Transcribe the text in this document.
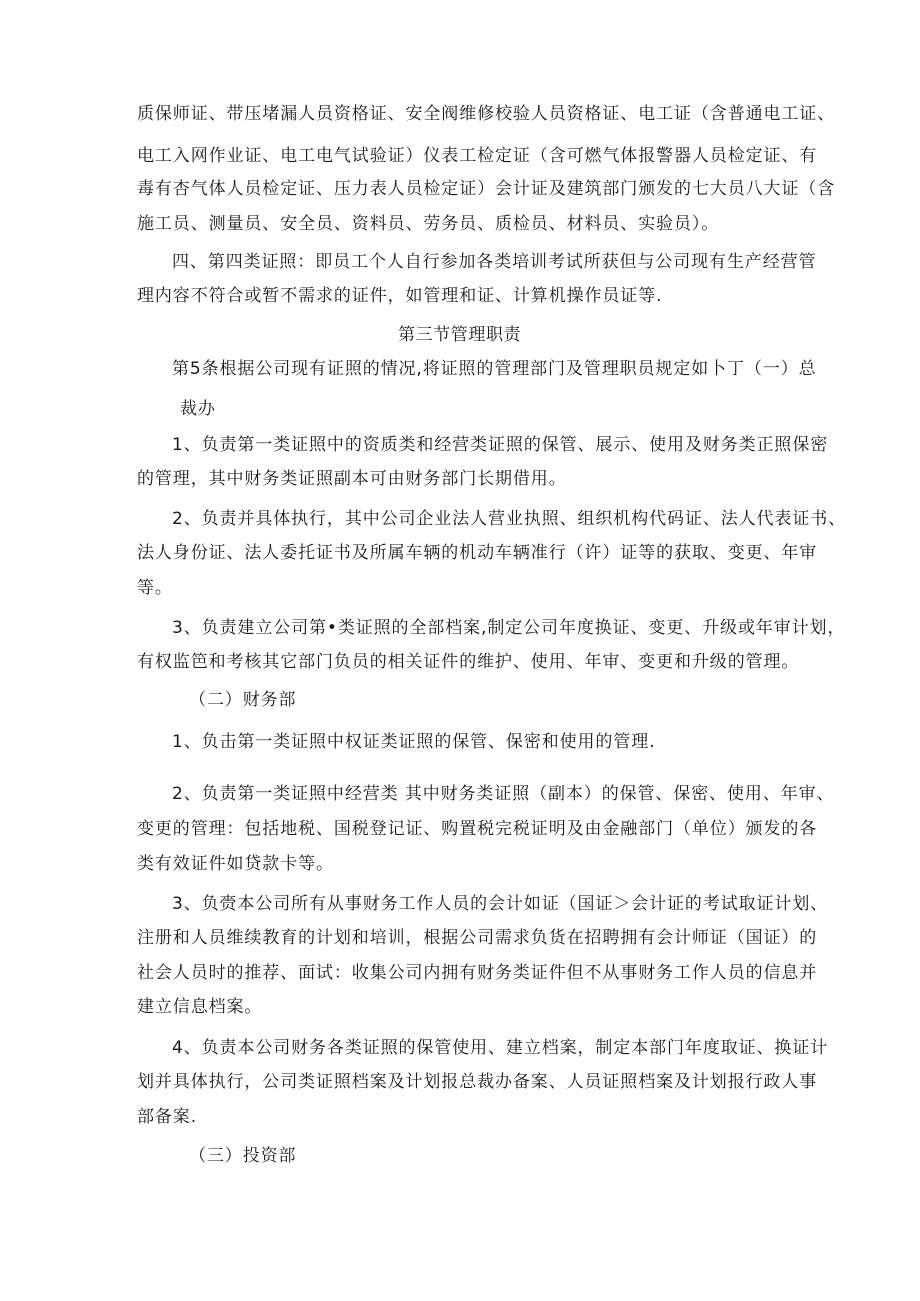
质保师证、带压堵漏人员资格证、安全阀维修校验人员资格证、电工证（含普通电工证、
电工入网作业证、电工电气试验证）仪表工检定证（含可燃气体报警器人员检定证、有
毒有杏气体人员检定证、压力表人员检定证）会计证及建筑部门颁发的七大员八大证（含
施工员、测量员、安全员、资料员、劳务员、质检员、材料员、实验员）。
四、第四类证照：即员工个人自行参加各类培训考试所获但与公司现有生产经营管
理内容不符合或暂不需求的证件，如管理和证、计算机操作员证等.
第三节管理职责
第5条根据公司现有证照的情况,将证照的管理部门及管理职员规定如卜丁（一）总
裁办
1、负责第一类证照中的资质类和经营类证照的保管、展示、使用及财务类正照保密
的管理，其中财务类证照副本可由财务部门长期借用。
2、负责并具体执行，其中公司企业法人营业执照、组织机构代码证、法人代表证书、
法人身份证、法人委托证书及所属车辆的机动车辆准行（许）证等的获取、变更、年审
等。
3、负责建立公司第•类证照的全部档案,制定公司年度换证、变更、升级或年审计划，
有权监笆和考核其它部门负员的相关证件的维护、使用、年审、变更和升级的管理。
（二）财务部
1、负击第一类证照中权证类证照的保管、保密和使用的管理.
2、负责第一类证照中经营类 其中财务类证照（副本）的保管、保密、使用、年审、
变更的管理：包括地税、国税登记证、购置税完税证明及由金融部门（单位）颁发的各
类有效证件如贷款卡等。
3、负赍本公司所有从事财务工作人员的会计如证（国证＞会计证的考试取证计划、
注册和人员维续教育的计划和培训，根据公司需求负货在招聘拥有会计师证（国证）的
社会人员时的推荐、面试：收集公司内拥有财务类证件但不从事财务工作人员的信息并
建立信息档案。
4、负责本公司财务各类证照的保管使用、建立档案，制定本部门年度取证、换证计
划并具体执行，公司类证照档案及计划报总裁办备案、人员证照档案及计划报行政人事
部备案.
（三）投资部
